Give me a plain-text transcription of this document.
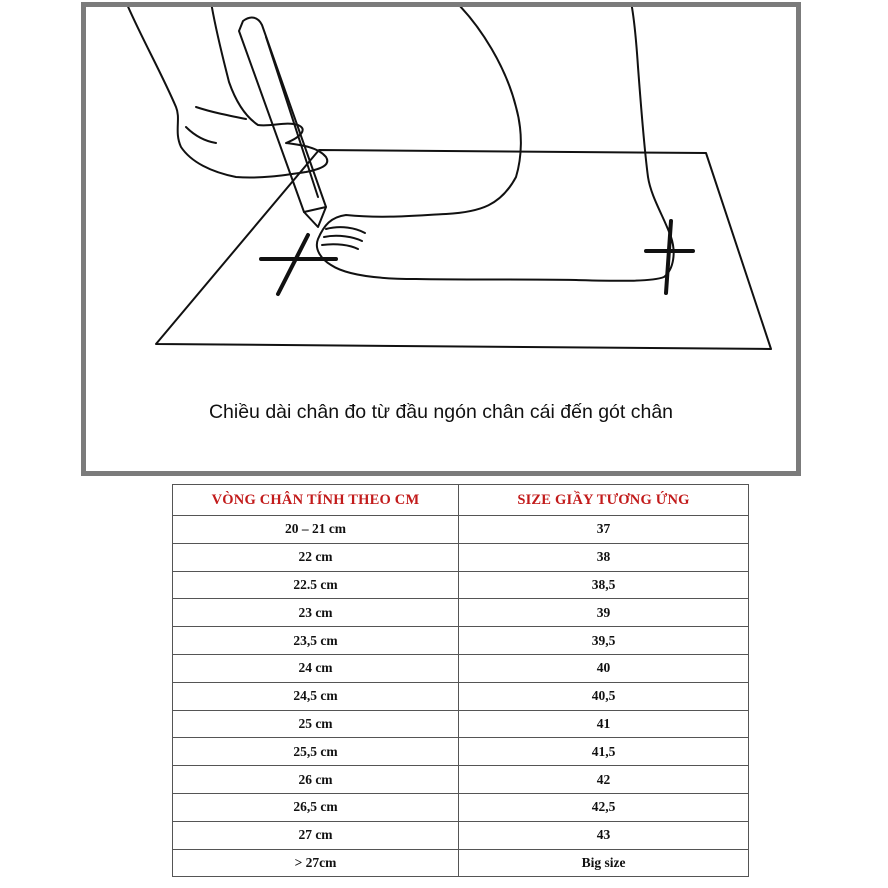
Chiều dài chân đo từ đầu ngón chân cái đến gót chân
VÒNG CHÂN TÍNH THEO CM	SIZE GIẦY TƯƠNG ỨNG
20 – 21 cm	37
22 cm	38
22.5 cm	38,5
23 cm	39
23,5 cm	39,5
24 cm	40
24,5 cm	40,5
25 cm	41
25,5 cm	41,5
26 cm	42
26,5 cm	42,5
27 cm	43
> 27cm	Big size
